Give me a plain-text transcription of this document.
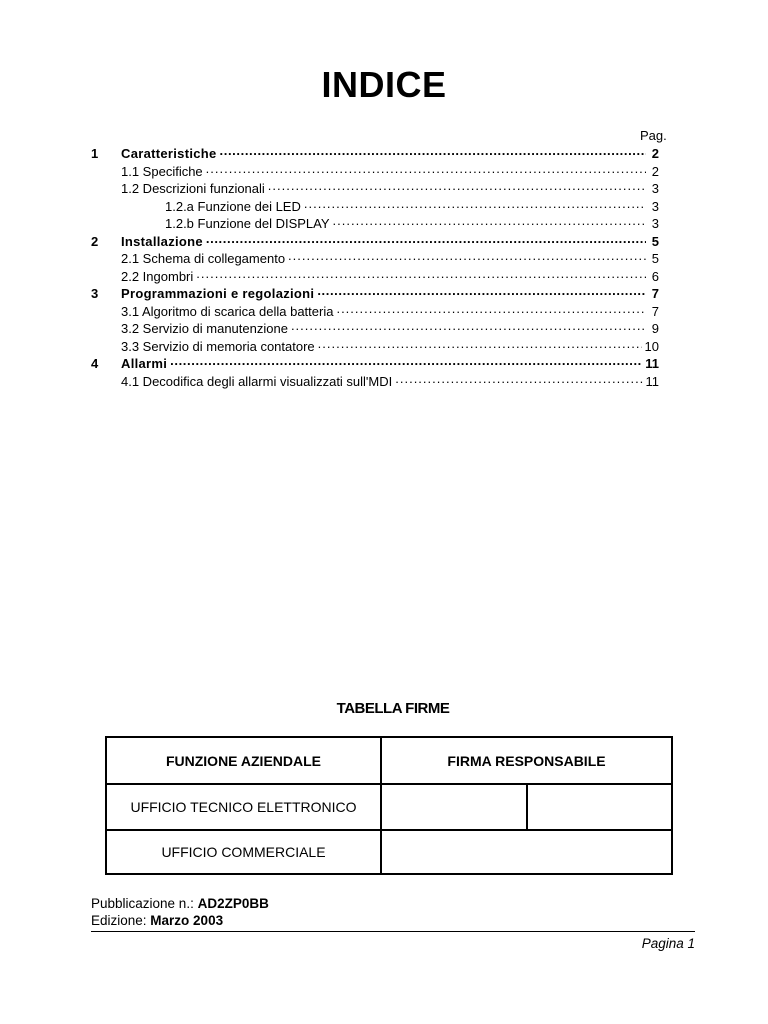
INDICE
Pag.
1	Caratteristiche .....	2
1.1 Specifiche .....	2
1.2 Descrizioni funzionali .....	3
1.2.a Funzione dei LED .....	3
1.2.b Funzione del DISPLAY .....	3
2	Installazione .....	5
2.1 Schema di collegamento .....	5
2.2 Ingombri .....	6
3	Programmazioni e regolazioni .....	7
3.1 Algoritmo di scarica della batteria .....	7
3.2 Servizio di manutenzione .....	9
3.3 Servizio di memoria contatore .....	10
4	Allarmi .....	11
4.1 Decodifica degli allarmi visualizzati sull'MDI .....	11
TABELLA FIRME
FUNZIONE AZIENDALE	FIRMA RESPONSABILE
UFFICIO TECNICO ELETTRONICO
UFFICIO COMMERCIALE
Pubblicazione n.: AD2ZP0BB
Edizione: Marzo 2003
Pagina 1
